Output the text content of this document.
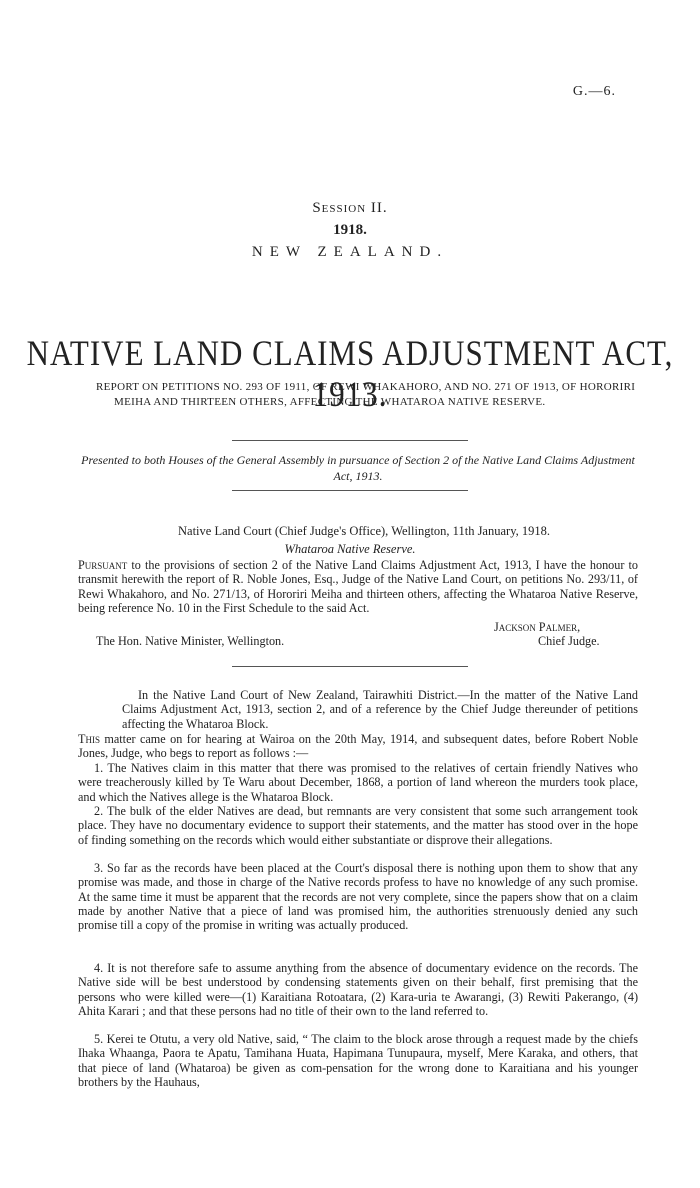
G.—6.
Session II.
1918.
NEW ZEALAND.
NATIVE LAND CLAIMS ADJUSTMENT ACT, 1913.
REPORT ON PETITIONS NO. 293 OF 1911, OF REWI WHAKAHORO, AND NO. 271 OF 1913, OF HORORIRI MEIHA AND THIRTEEN OTHERS, AFFECTING THE WHATAROA NATIVE RESERVE.
Presented to both Houses of the General Assembly in pursuance of Section 2 of the Native Land Claims Adjustment Act, 1913.
Native Land Court (Chief Judge's Office), Wellington, 11th January, 1918.
Whataroa Native Reserve.

Pursuant to the provisions of section 2 of the Native Land Claims Adjustment Act, 1913, I have the honour to transmit herewith the report of R. Noble Jones, Esq., Judge of the Native Land Court, on petitions No. 293/11, of Rewi Whakahoro, and No. 271/13, of Hororiri Meiha and thirteen others, affecting the Whataroa Native Reserve, being reference No. 10 in the First Schedule to the said Act.

Jackson Palmer,
Chief Judge.
The Hon. Native Minister, Wellington.
In the Native Land Court of New Zealand, Tairawhiti District.—In the matter of the Native Land Claims Adjustment Act, 1913, section 2, and of a reference by the Chief Judge thereunder of petitions affecting the Whataroa Block.

This matter came on for hearing at Wairoa on the 20th May, 1914, and subsequent dates, before Robert Noble Jones, Judge, who begs to report as follows :—

1. The Natives claim in this matter that there was promised to the relatives of certain friendly Natives who were treacherously killed by Te Waru about December, 1868, a portion of land whereon the murders took place, and which the Natives allege is the Whataroa Block.

2. The bulk of the elder Natives are dead, but remnants are very consistent that some such arrangement took place. They have no documentary evidence to support their statements, and the matter has stood over in the hope of finding something on the records which would either substantiate or disprove their allegations.

3. So far as the records have been placed at the Court's disposal there is nothing upon them to show that any promise was made, and those in charge of the Native records profess to have no knowledge of any such promise. At the same time it must be apparent that the records are not very complete, since the papers show that on a claim made by another Native that a piece of land was promised him, the authorities strenuously denied any such promise till a copy of the promise in writing was actually produced.

4. It is not therefore safe to assume anything from the absence of documentary evidence on the records. The Native side will be best understood by condensing statements given on their behalf, first premising that the persons who were killed were—(1) Karaitiana Rotoatara, (2) Kara-uria te Awarangi, (3) Rewiti Pakerango, (4) Ahita Karari ; and that these persons had no title of their own to the land referred to.

5. Kerei te Otutu, a very old Native, said, “ The claim to the block arose through a request made by the chiefs Ihaka Whaanga, Paora te Apatu, Tamihana Huata, Hapimana Tunupaura, myself, Mere Karaka, and others, that that piece of land (Whataroa) be given as com-pensation for the wrong done to Karaitiana and his younger brothers by the Hauhaus,
